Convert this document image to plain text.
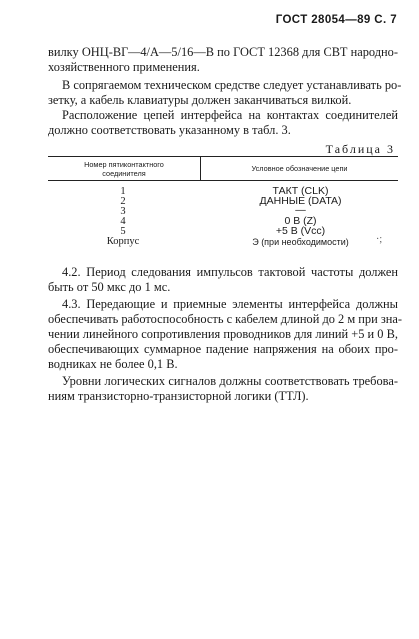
ГОСТ 28054—89 С. 7
вилку ОНЦ-ВГ—4/А—5/16—В по ГОСТ 12368 для СВТ народно-
хозяйственного применения.
В сопрягаемом техническом средстве следует устанавливать ро-
зетку, а кабель клавиатуры должен заканчиваться вилкой.
Расположение цепей интерфейса на контактах соединителей
должно соответствовать указанному в табл. 3.
Таблица 3
Номер пятиконтактного
соединителя
Условное обозначение цепи
1	ТАКТ (CLK)
2	ДАННЫЕ (DATA)
3	—
4	0 В (Z)
5	+5 В (Vcc)
Корпус	Э (при необходимости)	·;
4.2. Период следования импульсов тактовой частоты должен
быть от 50 мкс до 1 мс.
4.3. Передающие и приемные элементы интерфейса должны
обеспечивать работоспособность с кабелем длиной до 2 м при зна-
чении линейного сопротивления проводников для линий +5 и 0 В,
обеспечивающих суммарное падение напряжения на обоих про-
водниках не более 0,1 В.
Уровни логических сигналов должны соответствовать требова-
ниям транзисторно-транзисторной логики (ТТЛ).
